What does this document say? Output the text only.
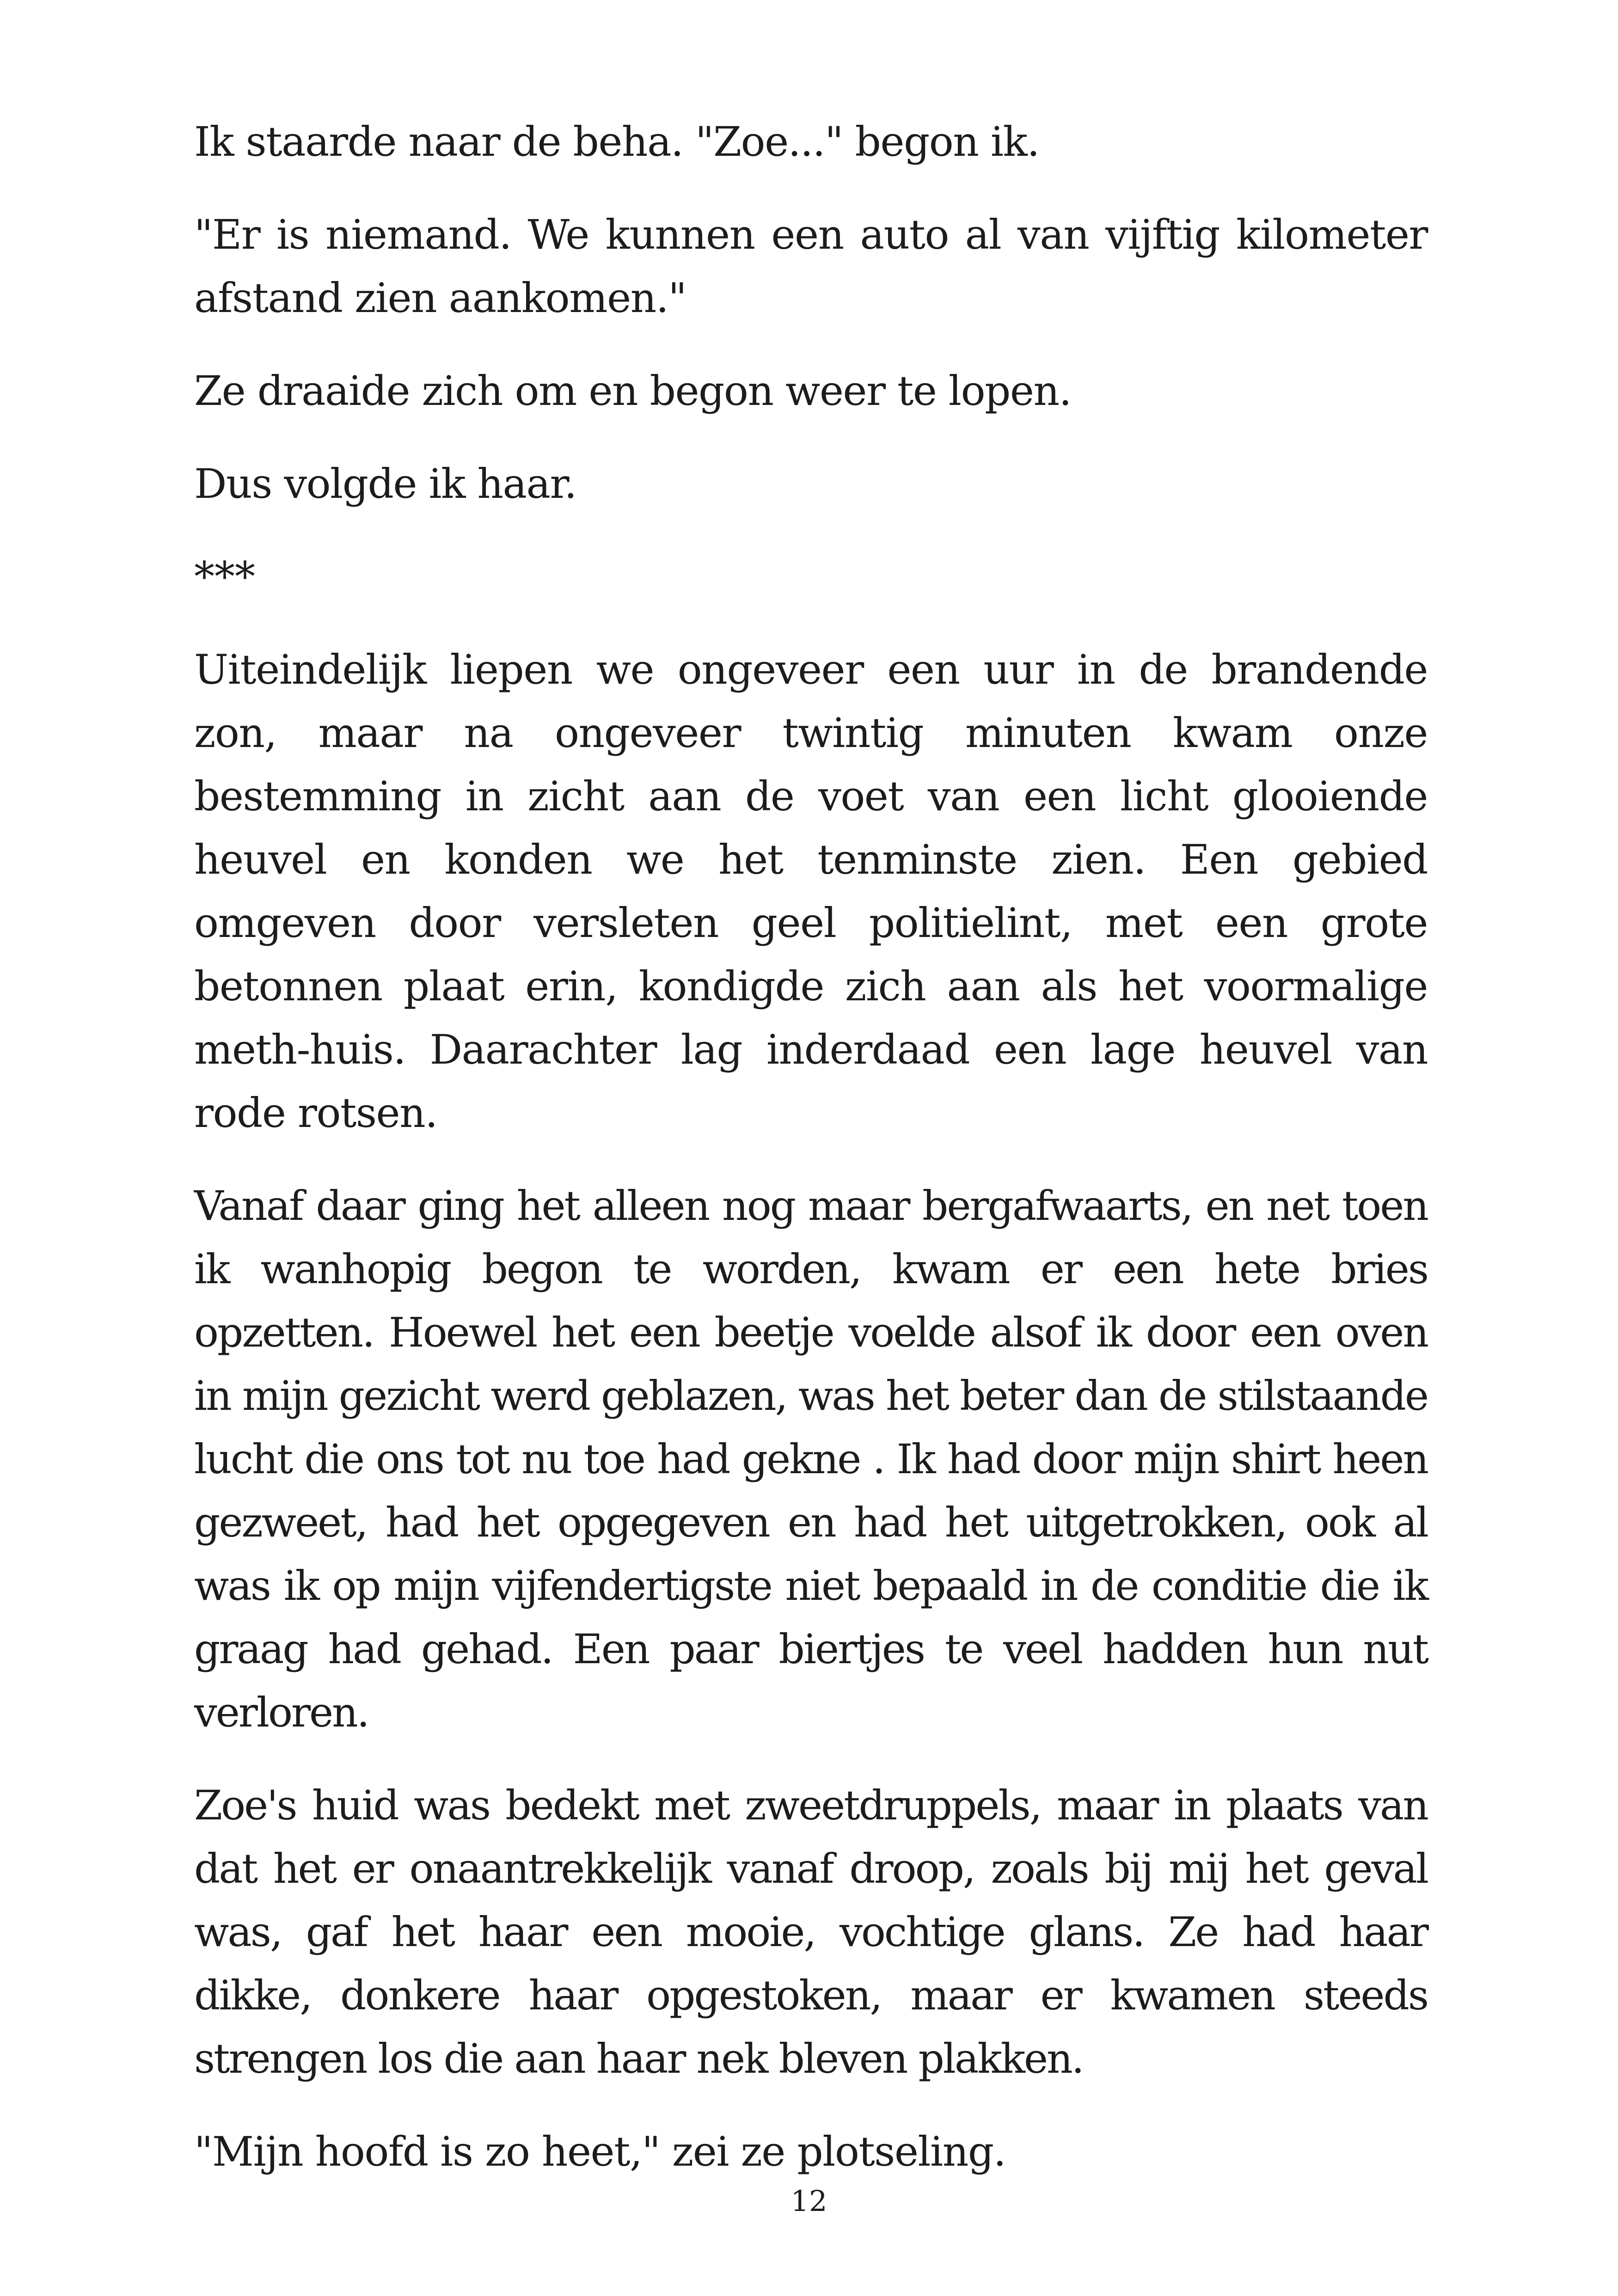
Ik staarde naar de beha. "Zoe..." begon ik.

"Er is niemand. We kunnen een auto al van vijftig kilometer afstand zien aankomen."

Ze draaide zich om en begon weer te lopen.

Dus volgde ik haar.

***

Uiteindelijk liepen we ongeveer een uur in de brandende zon, maar na ongeveer twintig minuten kwam onze bestemming in zicht aan de voet van een licht glooiende heuvel en konden we het tenminste zien. Een gebied omgeven door versleten geel politielint, met een grote betonnen plaat erin, kondigde zich aan als het voormalige meth-huis. Daarachter lag inderdaad een lage heuvel van rode rotsen.

Vanaf daar ging het alleen nog maar bergafwaarts, en net toen ik wanhopig begon te worden, kwam er een hete bries opzetten. Hoewel het een beetje voelde alsof ik door een oven in mijn gezicht werd geblazen, was het beter dan de stilstaande lucht die ons tot nu toe had gekne . Ik had door mijn shirt heen gezweet, had het opgegeven en had het uitgetrokken, ook al was ik op mijn vijfendertigste niet bepaald in de conditie die ik graag had gehad. Een paar biertjes te veel hadden hun nut verloren.

Zoe's huid was bedekt met zweetdruppels, maar in plaats van dat het er onaantrekkelijk vanaf droop, zoals bij mij het geval was, gaf het haar een mooie, vochtige glans. Ze had haar dikke, donkere haar opgestoken, maar er kwamen steeds strengen los die aan haar nek bleven plakken.

"Mijn hoofd is zo heet," zei ze plotseling.

12
